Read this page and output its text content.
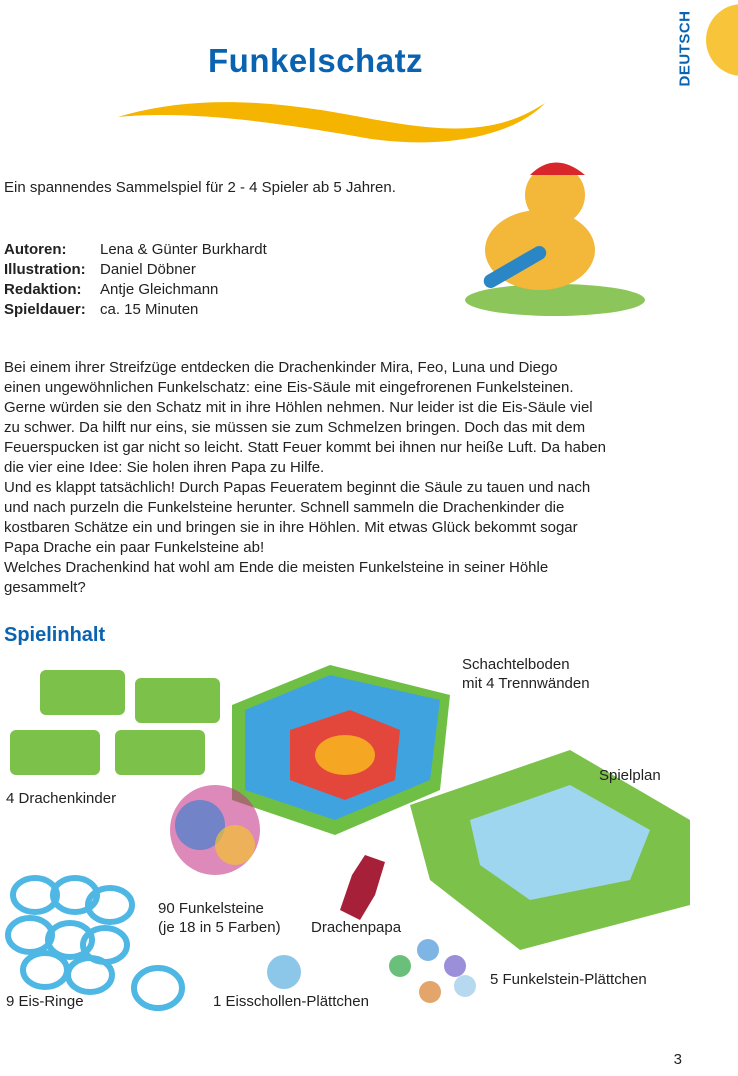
Funkelschatz	DEUTSCH
Ein spannendes Sammelspiel für 2 - 4 Spieler ab 5 Jahren.
Autoren:	Lena & Günter Burkhardt
Illustration: Daniel Döbner
Redaktion:	Antje Gleichmann
Spieldauer: ca. 15 Minuten
Bei einem ihrer Streifzüge entdecken die Drachenkinder Mira, Feo, Luna und Diego
einen ungewöhnlichen Funkelschatz: eine Eis-Säule mit eingefrorenen Funkelsteinen.
Gerne würden sie den Schatz mit in ihre Höhlen nehmen. Nur leider ist die Eis-Säule viel
zu schwer. Da hilft nur eins, sie müssen sie zum Schmelzen bringen. Doch das mit dem
Feuerspucken ist gar nicht so leicht. Statt Feuer kommt bei ihnen nur heiße Luft. Da haben
die vier eine Idee: Sie holen ihren Papa zu Hilfe.
Und es klappt tatsächlich! Durch Papas Feueratem beginnt die Säule zu tauen und nach
und nach purzeln die Funkelsteine herunter. Schnell sammeln die Drachenkinder die
kostbaren Schätze ein und bringen sie in ihre Höhlen. Mit etwas Glück bekommt sogar
Papa Drache ein paar Funkelsteine ab!
Welches Drachenkind hat wohl am Ende die meisten Funkelsteine in seiner Höhle
gesammelt?
Spielinhalt
Schachtelboden
mit 4 Trennwänden
Spielplan
4 Drachenkinder
90 Funkelsteine
(je 18 in 5 Farben) Drachenpapa
9 Eis-Ringe	1 Eisschollen-Plättchen
5 Funkelstein-Plättchen
3
